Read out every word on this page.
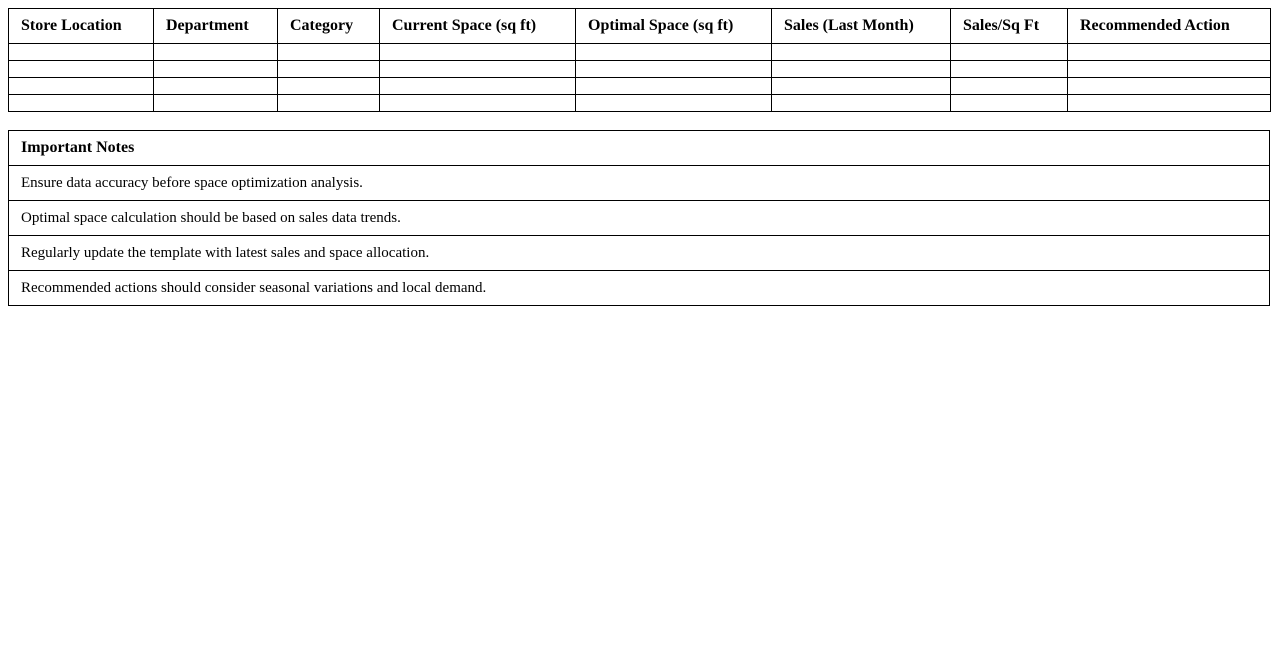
Store Location	Department	Category	Current Space (sq ft)	Optimal Space (sq ft)	Sales (Last Month)	Sales/Sq Ft	Recommended Action

Important Notes
Ensure data accuracy before space optimization analysis.
Optimal space calculation should be based on sales data trends.
Regularly update the template with latest sales and space allocation.
Recommended actions should consider seasonal variations and local demand.
